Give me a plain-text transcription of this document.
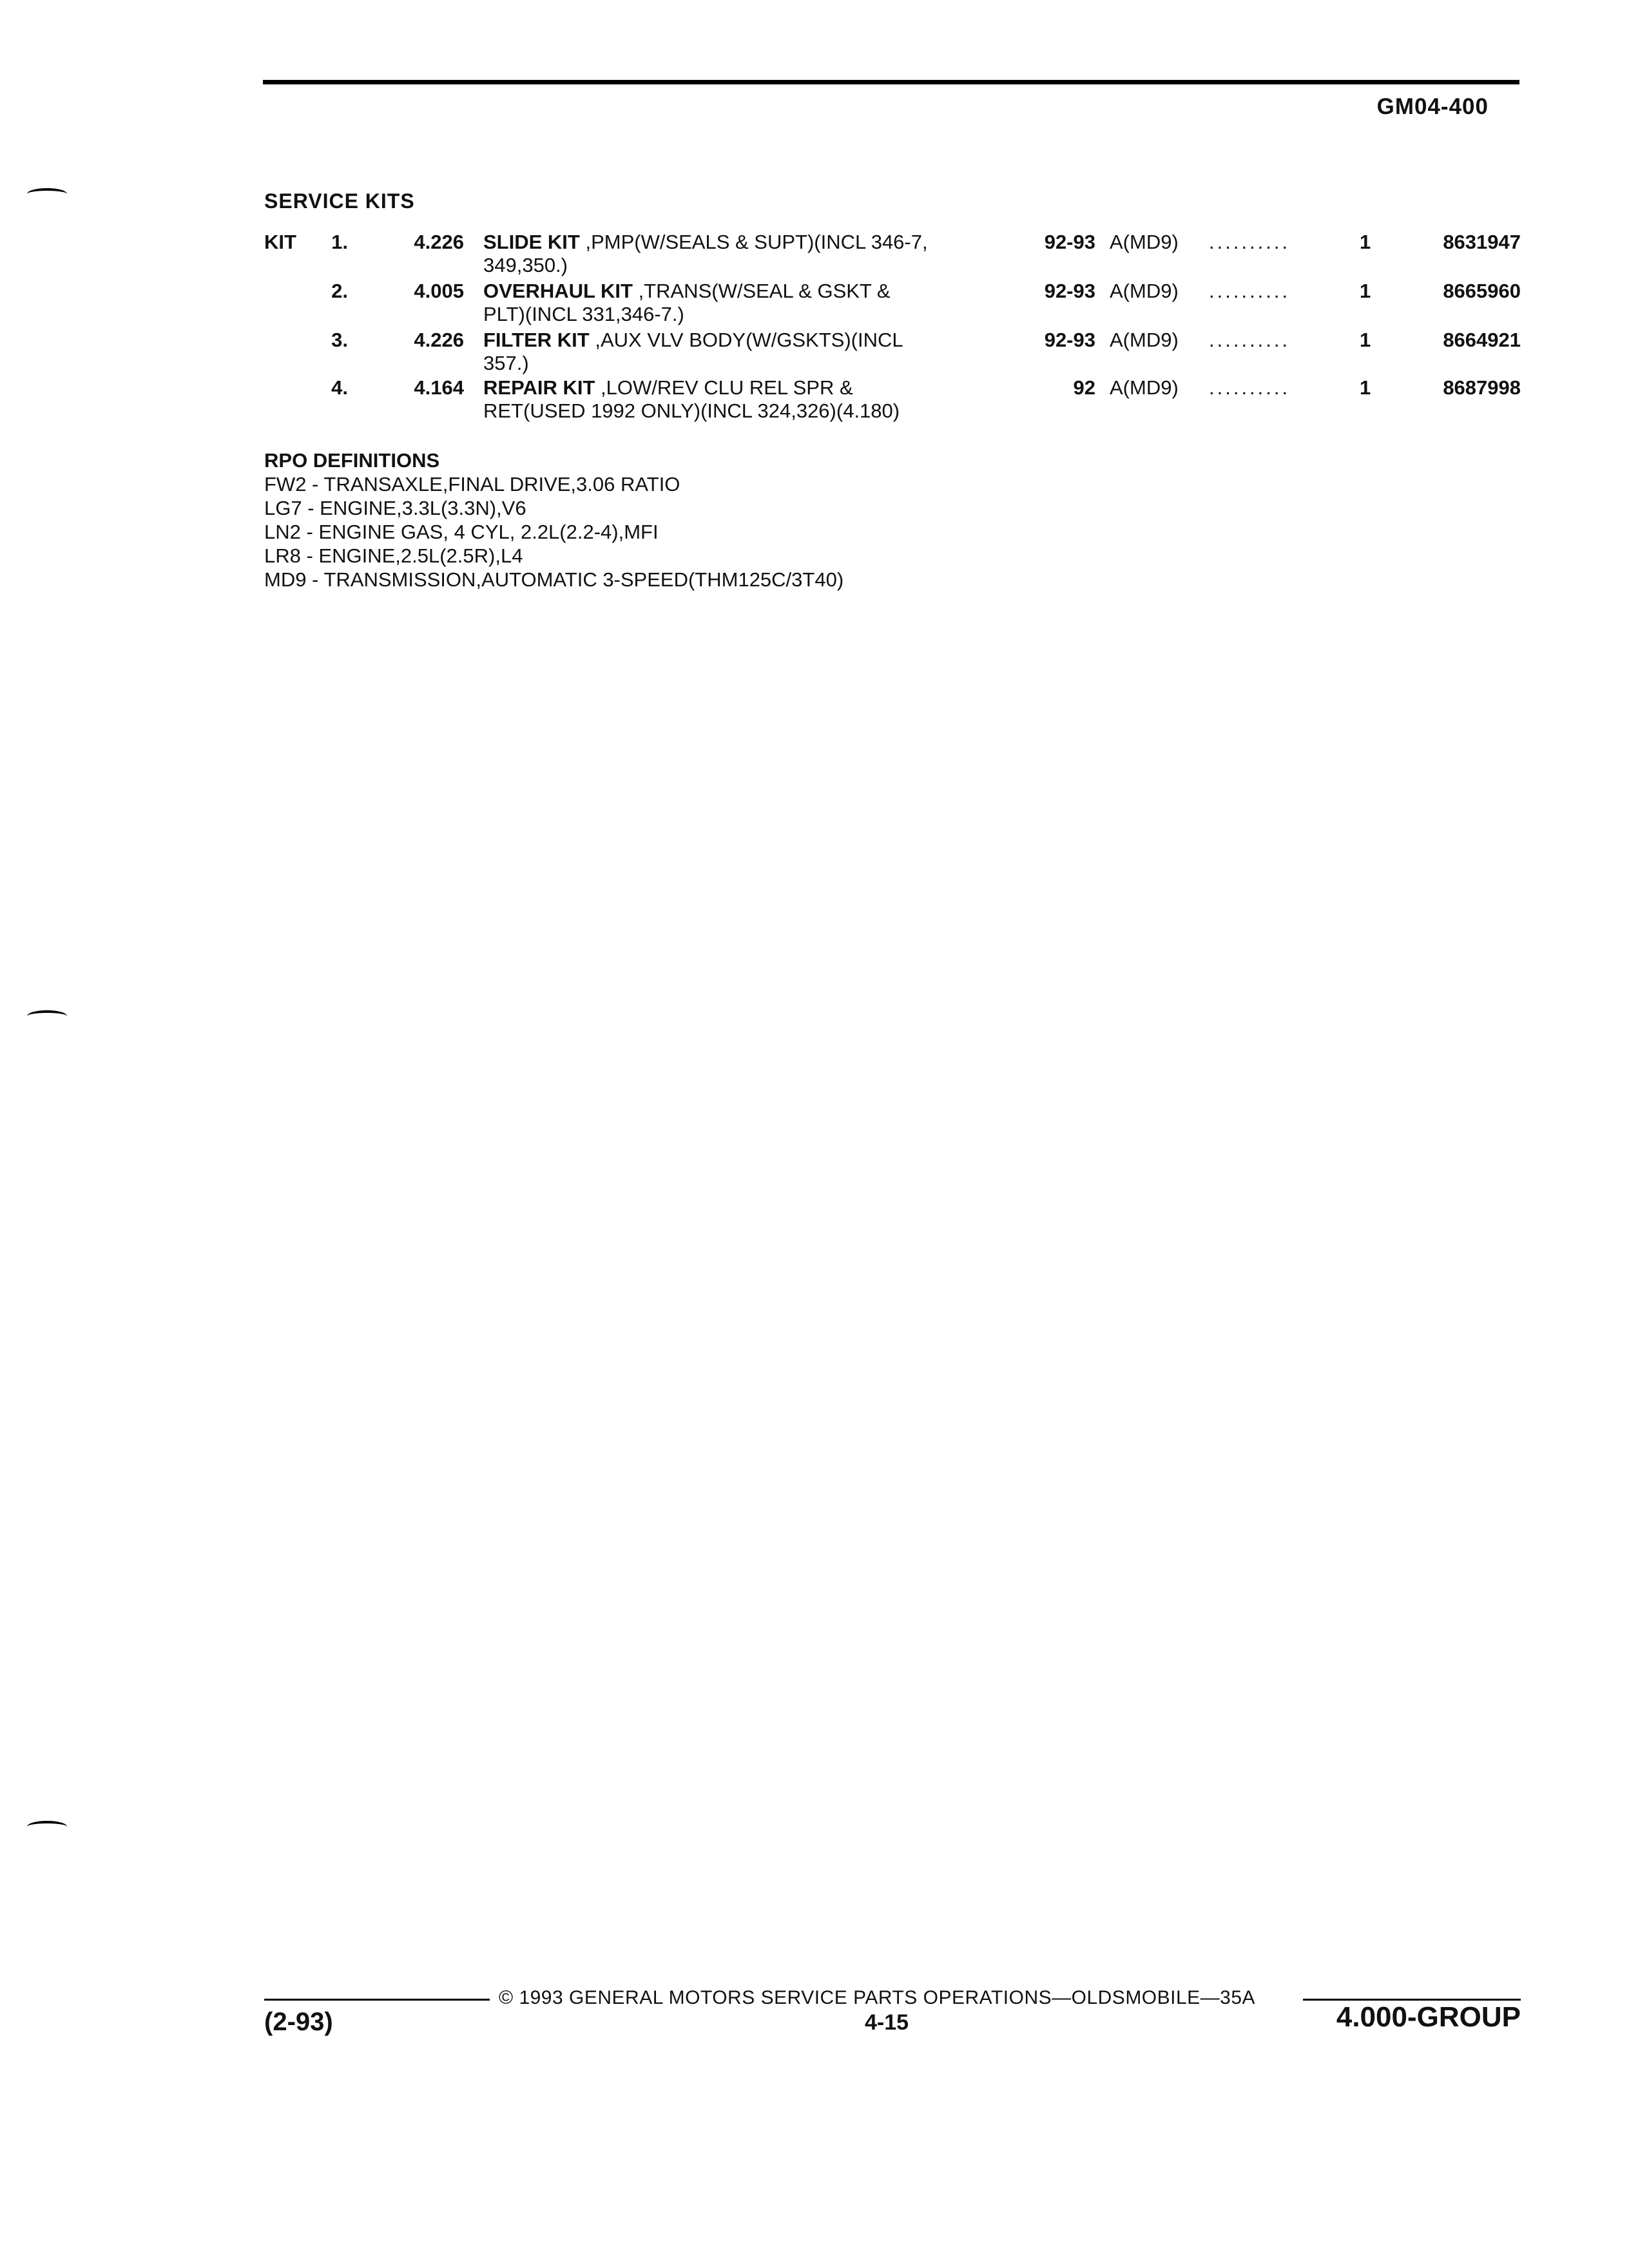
GM04-400
SERVICE KITS
KIT	1.	4.226 SLIDE KIT ,PMP(W/SEALS & SUPT)(INCL 346-7,
349,350.)
92-93 A(MD9) ..........	1	8631947
2.	4.005 OVERHAUL KIT ,TRANS(W/SEAL & GSKT &
PLT)(INCL 331,346-7.)
92-93 A(MD9) ..........	1	8665960
3.	4.226 FILTER KIT ,AUX VLV BODY(W/GSKTS)(INCL
357.)
92-93 A(MD9) ..........	1	8664921
4.	4.164 REPAIR KIT ,LOW/REV CLU REL SPR &
RET(USED 1992 ONLY)(INCL 324,326)(4.180)
92 A(MD9) ..........	1	8687998
RPO DEFINITIONS
FW2 - TRANSAXLE,FINAL DRIVE,3.06 RATIO
LG7 - ENGINE,3.3L(3.3N),V6
LN2 - ENGINE GAS, 4 CYL, 2.2L(2.2-4),MFI
LR8 - ENGINE,2.5L(2.5R),L4
MD9 - TRANSMISSION,AUTOMATIC 3-SPEED(THM125C/3T40)
© 1993 GENERAL MOTORS SERVICE PARTS OPERATIONS—OLDSMOBILE—35A
(2-93)	4-15	4.000-GROUP
